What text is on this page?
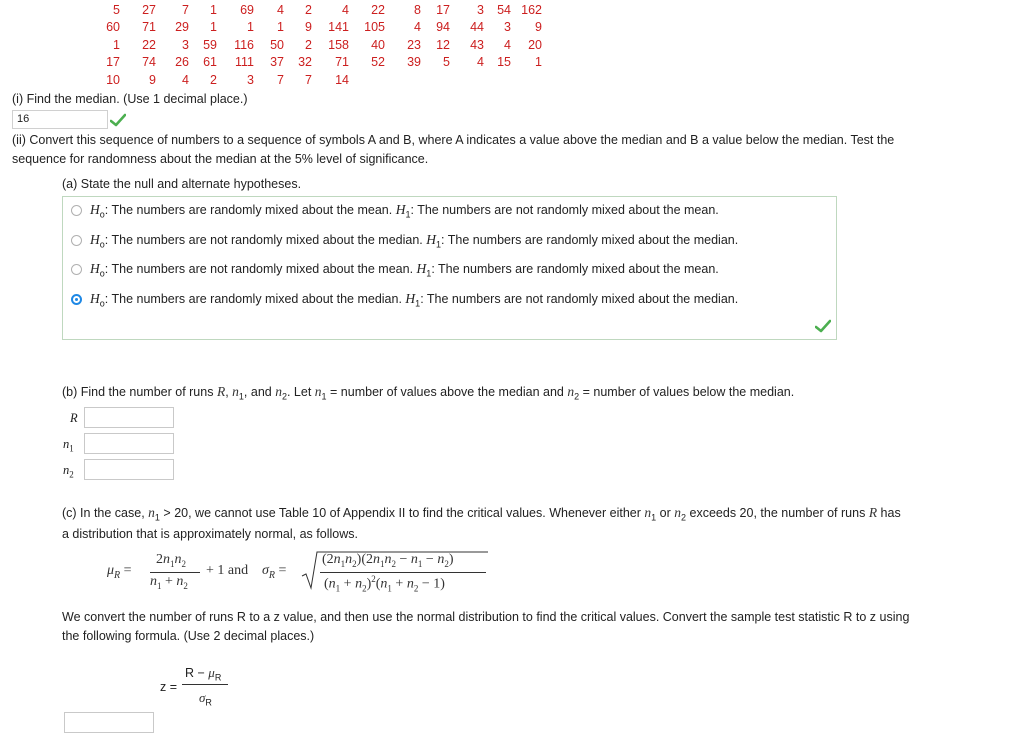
5	27	7	1	69	4	2	4	22	8	17	3	54 162
60	71	29	1	1	1	9	141	105	4	94	44	3	9
1	22	3	59	116	50	2	158	40	23	12	43	4	20
17	74	26	61	111	37	32	71	52	39	5	4	15	1
10	9	4	2	3	7	7	14
(i) Find the median. (Use 1 decimal place.)
16
(ii) Convert this sequence of numbers to a sequence of symbols A and B, where A indicates a value above the median and B a value below the median. Test the
sequence for randomness about the median at the 5% level of significance.
(a) State the null and alternate hypotheses.
$H_o$: The numbers are randomly mixed about the mean. $H_1$: The numbers are not randomly mixed about the mean.
$H_o$: The numbers are not randomly mixed about the median. $H_1$: The numbers are randomly mixed about the median.
$H_o$: The numbers are not randomly mixed about the mean. $H_1$: The numbers are randomly mixed about the mean.
$H_o$: The numbers are randomly mixed about the median. $H_1$: The numbers are not randomly mixed about the median.
(b) Find the number of runs R, $n_1$, and $n_2$. Let $n_1$ = number of values above the median and $n_2$ = number of values below the median.
R
$n_1$
$n_2$
(c) In the case, $n_1 > 20$, we cannot use Table 10 of Appendix II to find the critical values. Whenever either $n_1$ or $n_2$ exceeds 20, the number of runs R has
a distribution that is approximately normal, as follows.
$\mu_R$ =
$2n_1n_2$
$n_1 + n_2$
+ 1 and $\sigma_R$ =
$(2n_1n_2)(2n_1n_2 - n_1 - n_2)$
$(n_1 + n_2)^2(n_1 + n_2 - 1)$
We convert the number of runs R to a z value, and then use the normal distribution to find the critical values. Convert the sample test statistic R to z using
the following formula. (Use 2 decimal places.)
z =
$R - \mu_R$
$\sigma_R$
